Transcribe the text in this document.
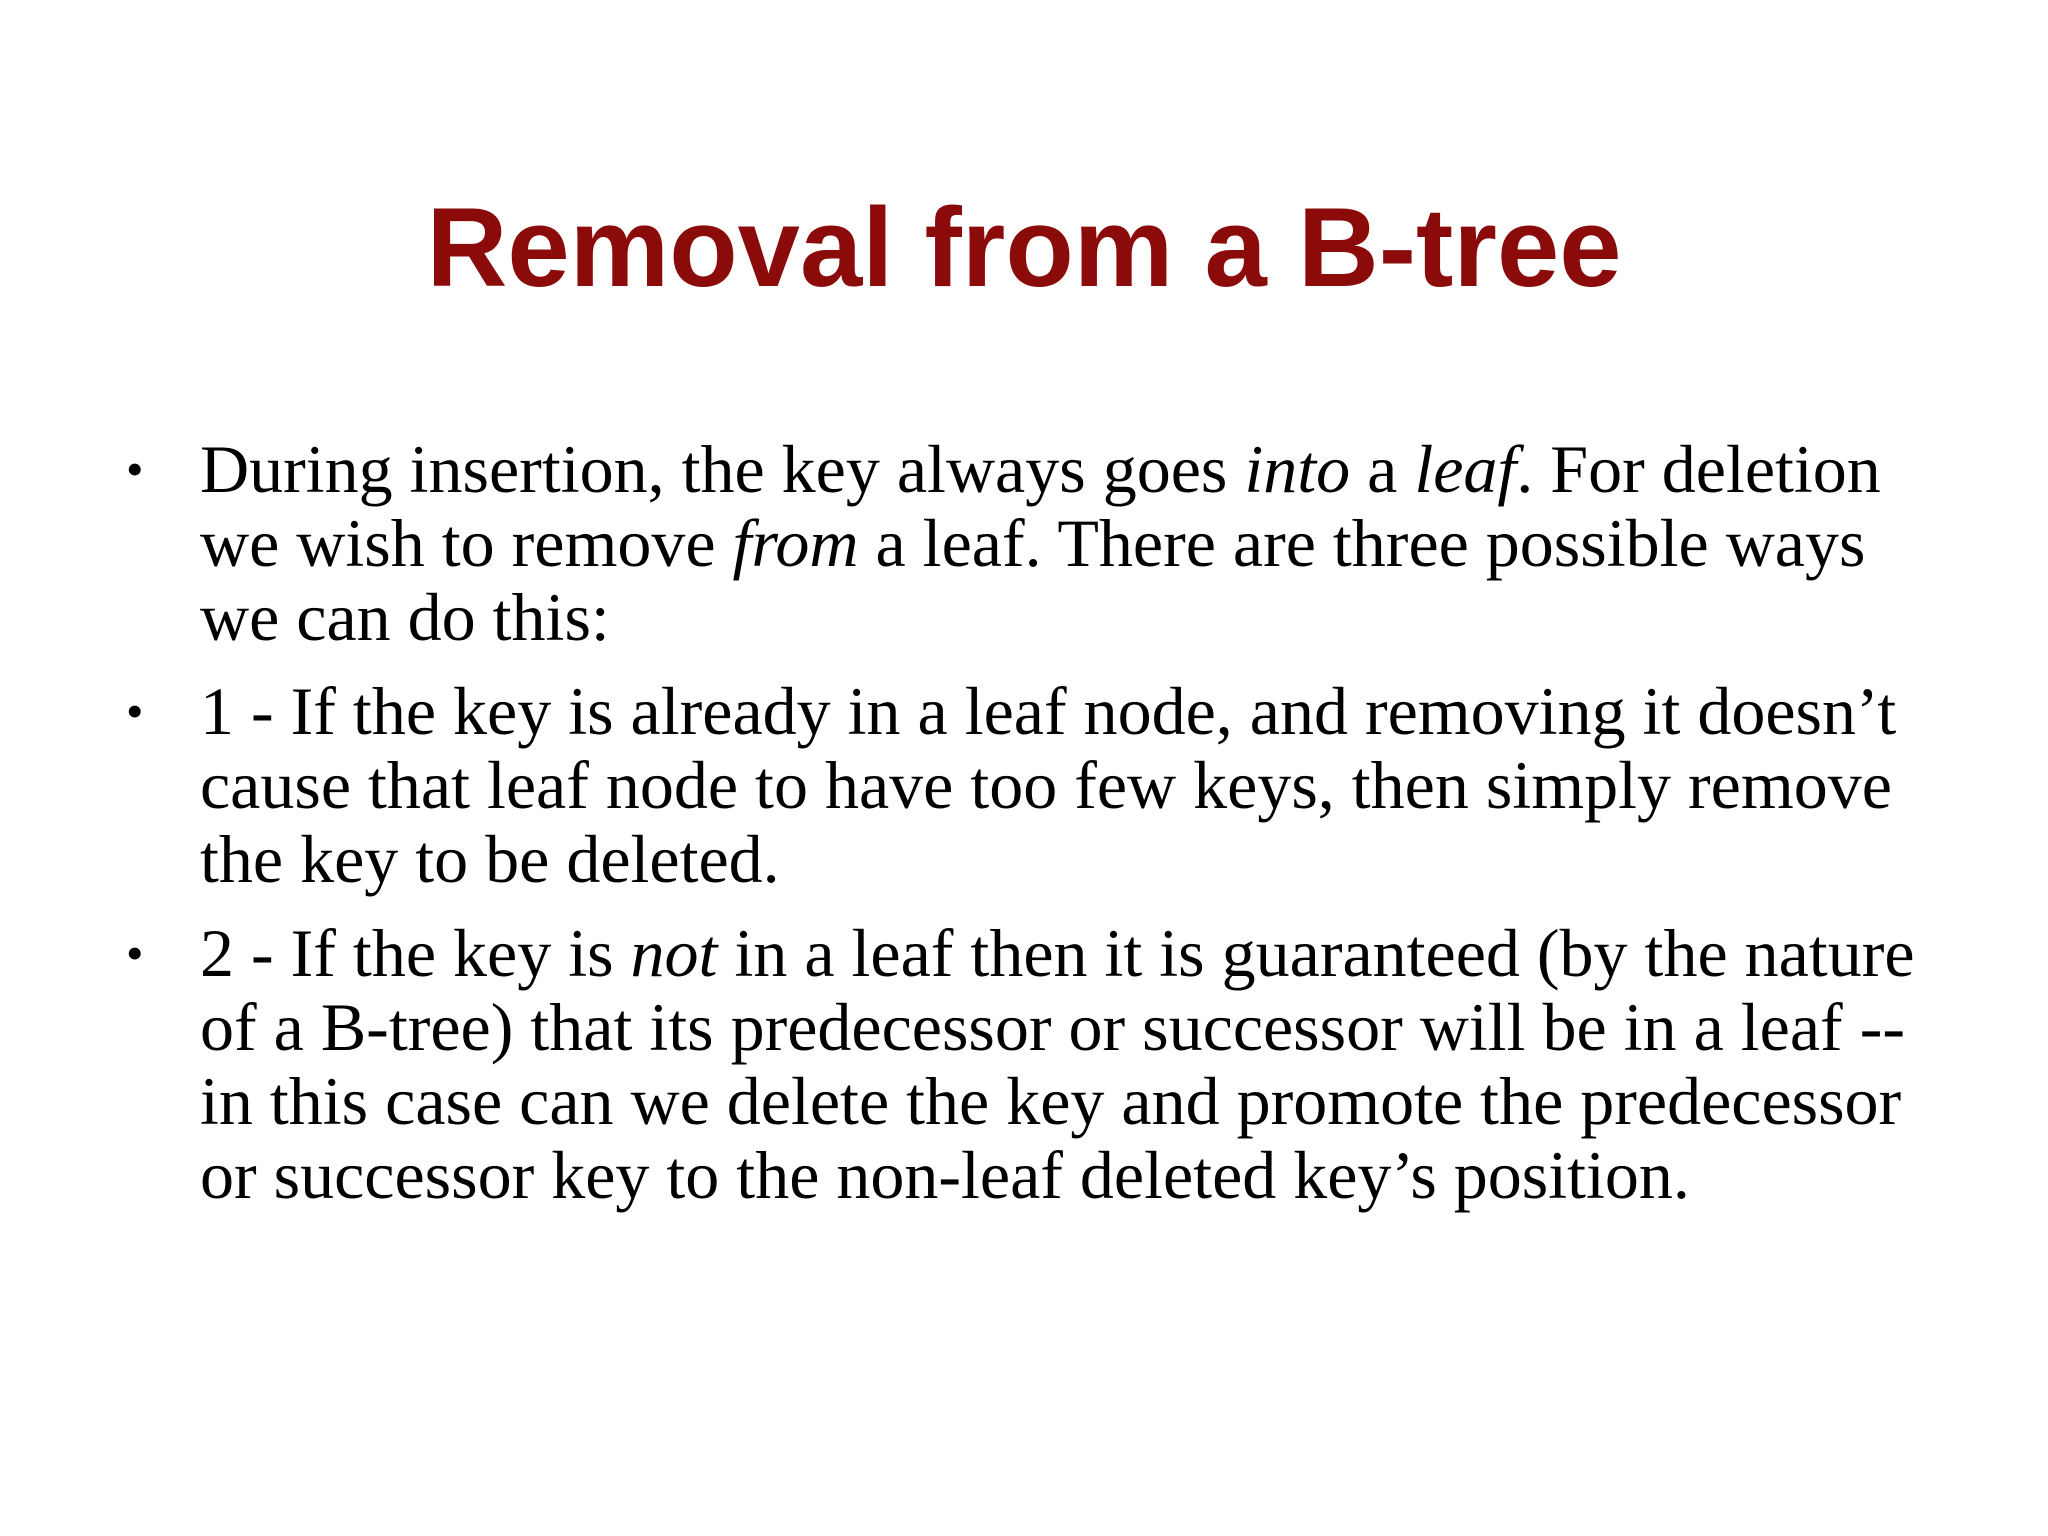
Removal from a B-tree
• During insertion, the key always goes into a leaf. For deletion we wish to remove from a leaf. There are three possible ways we can do this:
• 1 - If the key is already in a leaf node, and removing it doesn’t cause that leaf node to have too few keys, then simply remove the key to be deleted.
• 2 - If the key is not in a leaf then it is guaranteed (by the nature of a B-tree) that its predecessor or successor will be in a leaf -- in this case can we delete the key and promote the predecessor or successor key to the non-leaf deleted key’s position.
